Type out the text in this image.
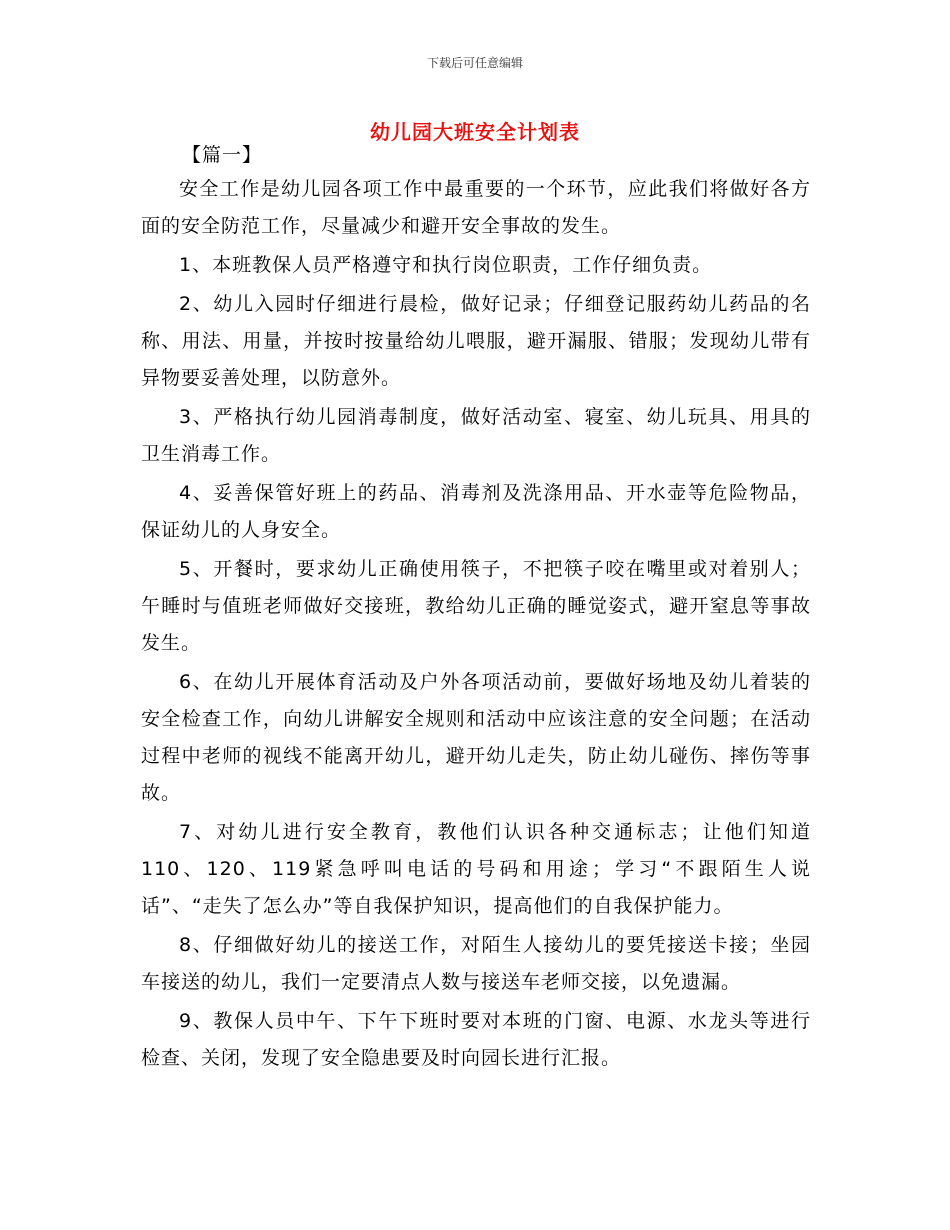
下载后可任意编辑
幼儿园大班安全计划表
【篇一】

安全工作是幼儿园各项工作中最重要的一个环节，应此我们将做好各方面的安全防范工作，尽量减少和避开安全事故的发生。

1、本班教保人员严格遵守和执行岗位职责，工作仔细负责。

2、幼儿入园时仔细进行晨检，做好记录；仔细登记服药幼儿药品的名称、用法、用量，并按时按量给幼儿喂服，避开漏服、错服；发现幼儿带有异物要妥善处理，以防意外。

3、严格执行幼儿园消毒制度，做好活动室、寝室、幼儿玩具、用具的卫生消毒工作。

4、妥善保管好班上的药品、消毒剂及洗涤用品、开水壶等危险物品，保证幼儿的人身安全。

5、开餐时，要求幼儿正确使用筷子，不把筷子咬在嘴里或对着别人；午睡时与值班老师做好交接班，教给幼儿正确的睡觉姿式，避开窒息等事故发生。

6、在幼儿开展体育活动及户外各项活动前，要做好场地及幼儿着装的安全检查工作，向幼儿讲解安全规则和活动中应该注意的安全问题；在活动过程中老师的视线不能离开幼儿，避开幼儿走失，防止幼儿碰伤、摔伤等事故。

7、对幼儿进行安全教育，教他们认识各种交通标志；让他们知道110、120、119紧急呼叫电话的号码和用途；学习“不跟陌生人说话”、“走失了怎么办”等自我保护知识，提高他们的自我保护能力。

8、仔细做好幼儿的接送工作，对陌生人接幼儿的要凭接送卡接；坐园车接送的幼儿，我们一定要清点人数与接送车老师交接，以免遗漏。

9、教保人员中午、下午下班时要对本班的门窗、电源、水龙头等进行检查、关闭，发现了安全隐患要及时向园长进行汇报。
